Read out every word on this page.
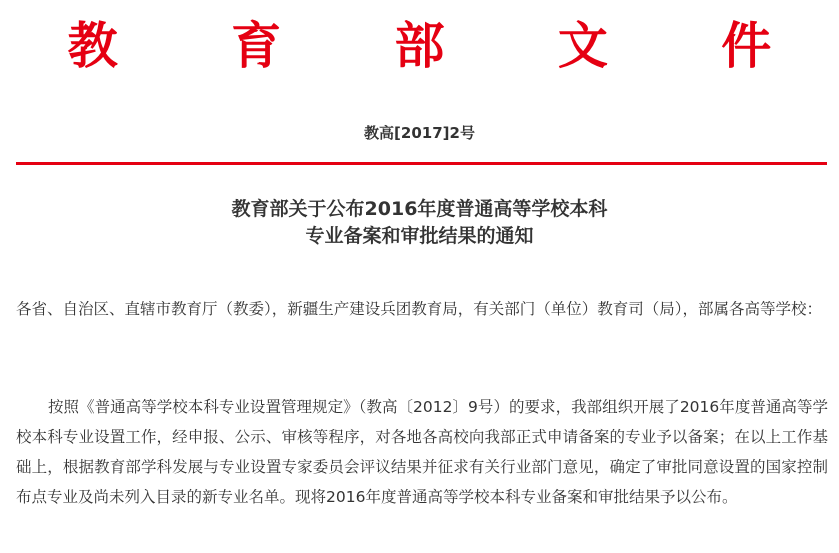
教 育 部 文 件
教高[2017]2号
教育部关于公布2016年度普通高等学校本科
专业备案和审批结果的通知
各省、自治区、直辖市教育厅（教委），新疆生产建设兵团教育局，有关部门（单位）教育司（局），部属各高等学校：
按照《普通高等学校本科专业设置管理规定》（教高〔2012〕9号）的要求，我部组织开展了2016年度普通高等学校本科专业设置工作，经申报、公示、审核等程序，对各地各高校向我部正式申请备案的专业予以备案；在以上工作基础上，根据教育部学科发展与专业设置专家委员会评议结果并征求有关行业部门意见，确定了审批同意设置的国家控制布点专业及尚未列入目录的新专业名单。现将2016年度普通高等学校本科专业备案和审批结果予以公布。
